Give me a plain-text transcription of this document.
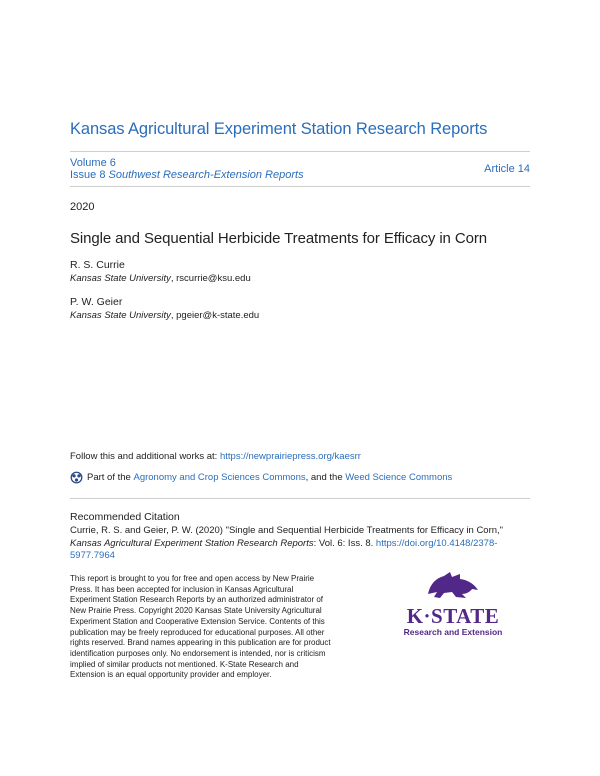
Kansas Agricultural Experiment Station Research Reports
Volume 6
Issue 8 Southwest Research-Extension Reports	Article 14
2020
Single and Sequential Herbicide Treatments for Efficacy in Corn
R. S. Currie
Kansas State University, rscurrie@ksu.edu
P. W. Geier
Kansas State University, pgeier@k-state.edu
Follow this and additional works at: https://newprairiepress.org/kaesrr
Part of the
Agronomy and Crop Sciences Commons , and the
Weed Science Commons
Recommended Citation
Currie, R. S. and Geier, P. W. (2020) "Single and Sequential Herbicide Treatments for Efficacy in Corn," Kansas Agricultural Experiment Station Research Reports: Vol. 6: Iss. 8. https://doi.org/10.4148/2378-5977.7964
This report is brought to you for free and open access by New Prairie Press. It has been accepted for inclusion in Kansas Agricultural Experiment Station Research Reports by an authorized administrator of New Prairie Press. Copyright 2020 Kansas State University Agricultural Experiment Station and Cooperative Extension Service. Contents of this publication may be freely reproduced for educational purposes. All other rights reserved. Brand names appearing in this publication are for product identification purposes only. No endorsement is intended, nor is criticism implied of similar products not mentioned. K-State Research and Extension is an equal opportunity provider and employer.
K·STATE
Research and Extension
